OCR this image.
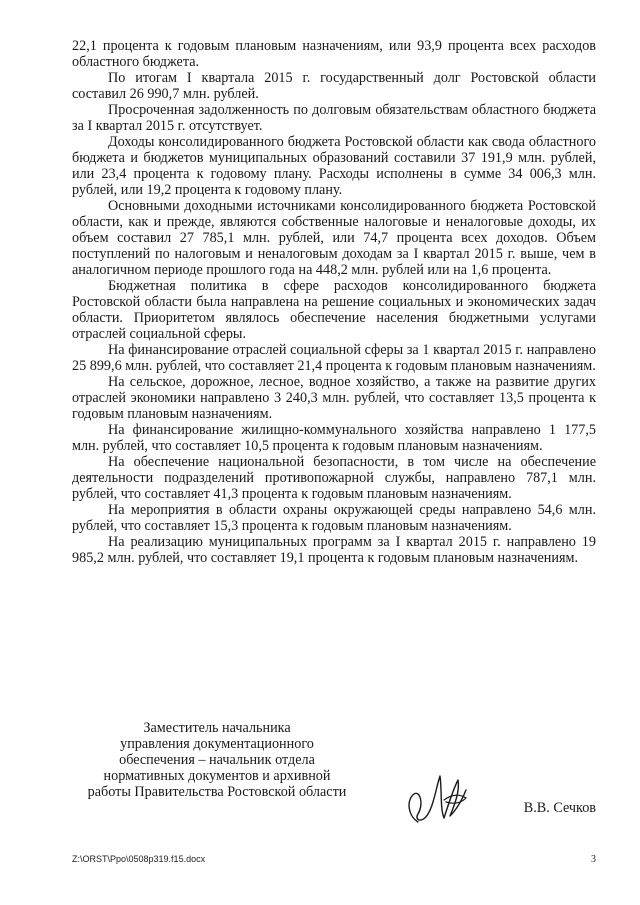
22,1 процента к годовым плановым назначениям, или 93,9 процента всех расходов областного бюджета.

По итогам I квартала 2015 г. государственный долг Ростовской области составил 26 990,7 млн. рублей.

Просроченная задолженность по долговым обязательствам областного бюджета за I квартал 2015 г. отсутствует.

Доходы консолидированного бюджета Ростовской области как свода областного бюджета и бюджетов муниципальных образований составили 37 191,9 млн. рублей, или 23,4 процента к годовому плану. Расходы исполнены в сумме 34 006,3 млн. рублей, или 19,2 процента к годовому плану.

Основными доходными источниками консолидированного бюджета Ростовской области, как и прежде, являются собственные налоговые и неналоговые доходы, их объем составил 27 785,1 млн. рублей, или 74,7 процента всех доходов. Объем поступлений по налоговым и неналоговым доходам за I квартал 2015 г. выше, чем в аналогичном периоде прошлого года на 448,2 млн. рублей или на 1,6 процента.

Бюджетная политика в сфере расходов консолидированного бюджета Ростовской области была направлена на решение социальных и экономических задач области. Приоритетом являлось обеспечение населения бюджетными услугами отраслей социальной сферы.

На финансирование отраслей социальной сферы за 1 квартал 2015 г. направлено 25 899,6 млн. рублей, что составляет 21,4 процента к годовым плановым назначениям.

На сельское, дорожное, лесное, водное хозяйство, а также на развитие других отраслей экономики направлено 3 240,3 млн. рублей, что составляет 13,5 процента к годовым плановым назначениям.

На финансирование жилищно-коммунального хозяйства направлено 1 177,5 млн. рублей, что составляет 10,5 процента к годовым плановым назначениям.

На обеспечение национальной безопасности, в том числе на обеспечение деятельности подразделений противопожарной службы, направлено 787,1 млн. рублей, что составляет 41,3 процента к годовым плановым назначениям.

На мероприятия в области охраны окружающей среды направлено 54,6 млн. рублей, что составляет 15,3 процента к годовым плановым назначениям.

На реализацию муниципальных программ за I квартал 2015 г. направлено 19 985,2 млн. рублей, что составляет 19,1 процента к годовым плановым назначениям.

Заместитель начальника
управления документационного
обеспечения – начальник отдела
нормативных документов и архивной
работы Правительства Ростовской области
В.В. Сечков
Z:\ORST\Ppo\0508p319.f15.docx	3
